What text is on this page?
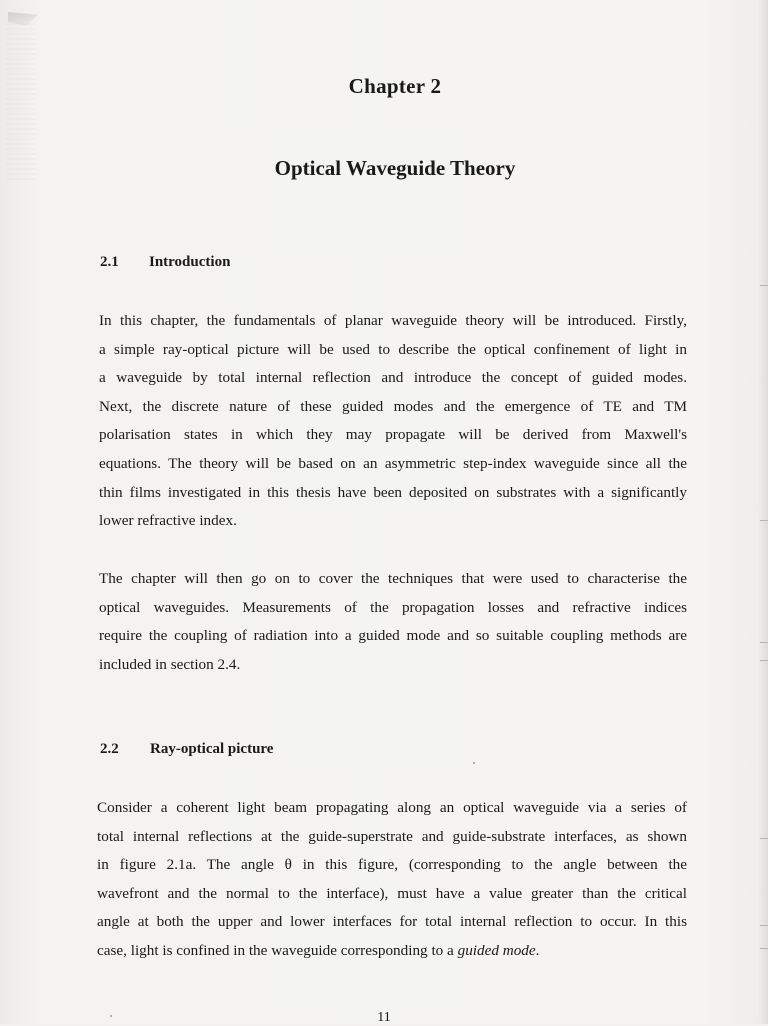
Chapter 2
Optical Waveguide Theory
2.1 Introduction
In this chapter, the fundamentals of planar waveguide theory will be introduced. Firstly,
a simple ray-optical picture will be used to describe the optical confinement of light in
a waveguide by total internal reflection and introduce the concept of guided modes.
Next, the discrete nature of these guided modes and the emergence of TE and TM
polarisation states in which they may propagate will be derived from Maxwell's
equations. The theory will be based on an asymmetric step-index waveguide since all the
thin films investigated in this thesis have been deposited on substrates with a significantly
lower refractive index.
The chapter will then go on to cover the techniques that were used to characterise the
optical waveguides. Measurements of the propagation losses and refractive indices
require the coupling of radiation into a guided mode and so suitable coupling methods are
included in section 2.4.
2.2 Ray-optical picture
Consider a coherent light beam propagating along an optical waveguide via a series of
total internal reflections at the guide-superstrate and guide-substrate interfaces, as shown
in figure 2.1a. The angle θ in this figure, (corresponding to the angle between the
wavefront and the normal to the interface), must have a value greater than the critical
angle at both the upper and lower interfaces for total internal reflection to occur. In this
case, light is confined in the waveguide corresponding to a guided mode.
11
